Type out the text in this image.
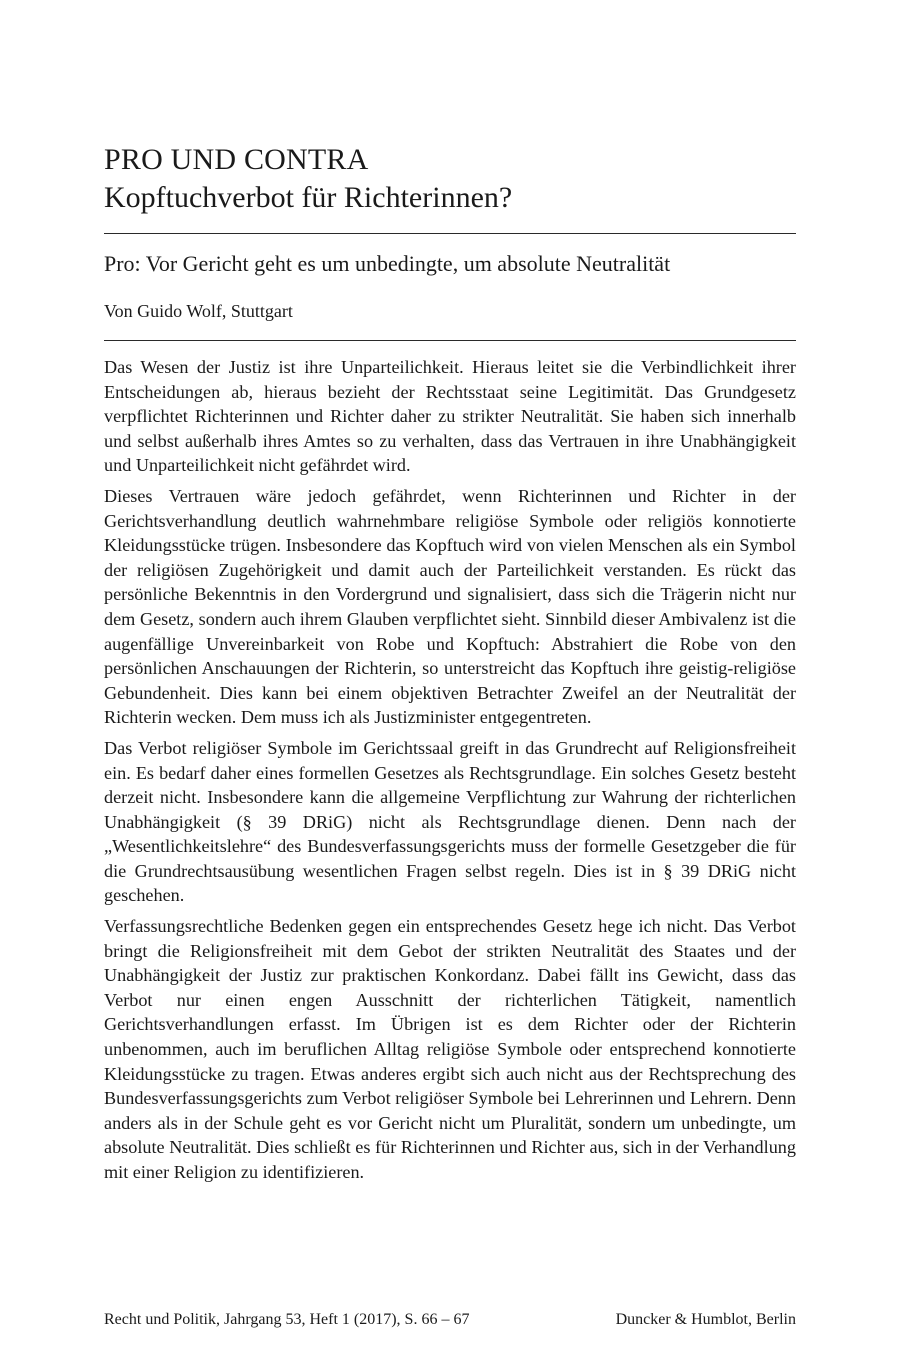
PRO UND CONTRA
Kopftuchverbot für Richterinnen?
Pro: Vor Gericht geht es um unbedingte, um absolute Neutralität

Von Guido Wolf, Stuttgart

Das Wesen der Justiz ist ihre Unparteilichkeit. Hieraus leitet sie die Verbindlichkeit ihrer Entscheidungen ab, hieraus bezieht der Rechtsstaat seine Legitimität. Das Grundgesetz verpflichtet Richterinnen und Richter daher zu strikter Neutralität. Sie haben sich innerhalb und selbst außerhalb ihres Amtes so zu verhalten, dass das Vertrauen in ihre Unabhängigkeit und Unparteilichkeit nicht gefährdet wird.

Dieses Vertrauen wäre jedoch gefährdet, wenn Richterinnen und Richter in der Gerichtsverhandlung deutlich wahrnehmbare religiöse Symbole oder religiös konnotierte Kleidungsstücke trügen. Insbesondere das Kopftuch wird von vielen Menschen als ein Symbol der religiösen Zugehörigkeit und damit auch der Parteilichkeit verstanden. Es rückt das persönliche Bekenntnis in den Vordergrund und signalisiert, dass sich die Trägerin nicht nur dem Gesetz, sondern auch ihrem Glauben verpflichtet sieht. Sinnbild dieser Ambivalenz ist die augenfällige Unvereinbarkeit von Robe und Kopftuch: Abstrahiert die Robe von den persönlichen Anschauungen der Richterin, so unterstreicht das Kopftuch ihre geistig-religiöse Gebundenheit. Dies kann bei einem objektiven Betrachter Zweifel an der Neutralität der Richterin wecken. Dem muss ich als Justizminister entgegentreten.

Das Verbot religiöser Symbole im Gerichtssaal greift in das Grundrecht auf Religionsfreiheit ein. Es bedarf daher eines formellen Gesetzes als Rechtsgrundlage. Ein solches Gesetz besteht derzeit nicht. Insbesondere kann die allgemeine Verpflichtung zur Wahrung der richterlichen Unabhängigkeit (§ 39 DRiG) nicht als Rechtsgrundlage dienen. Denn nach der „Wesentlichkeitslehre“ des Bundesverfassungsgerichts muss der formelle Gesetzgeber die für die Grundrechtsausübung wesentlichen Fragen selbst regeln. Dies ist in § 39 DRiG nicht geschehen.

Verfassungsrechtliche Bedenken gegen ein entsprechendes Gesetz hege ich nicht. Das Verbot bringt die Religionsfreiheit mit dem Gebot der strikten Neutralität des Staates und der Unabhängigkeit der Justiz zur praktischen Konkordanz. Dabei fällt ins Gewicht, dass das Verbot nur einen engen Ausschnitt der richterlichen Tätigkeit, namentlich Gerichtsverhandlungen erfasst. Im Übrigen ist es dem Richter oder der Richterin unbenommen, auch im beruflichen Alltag religiöse Symbole oder entsprechend konnotierte Kleidungsstücke zu tragen. Etwas anderes ergibt sich auch nicht aus der Rechtsprechung des Bundesverfassungsgerichts zum Verbot religiöser Symbole bei Lehrerinnen und Lehrern. Denn anders als in der Schule geht es vor Gericht nicht um Pluralität, sondern um unbedingte, um absolute Neutralität. Dies schließt es für Richterinnen und Richter aus, sich in der Verhandlung mit einer Religion zu identifizieren.

Recht und Politik, Jahrgang 53, Heft 1 (2017), S. 66 – 67	Duncker & Humblot, Berlin
